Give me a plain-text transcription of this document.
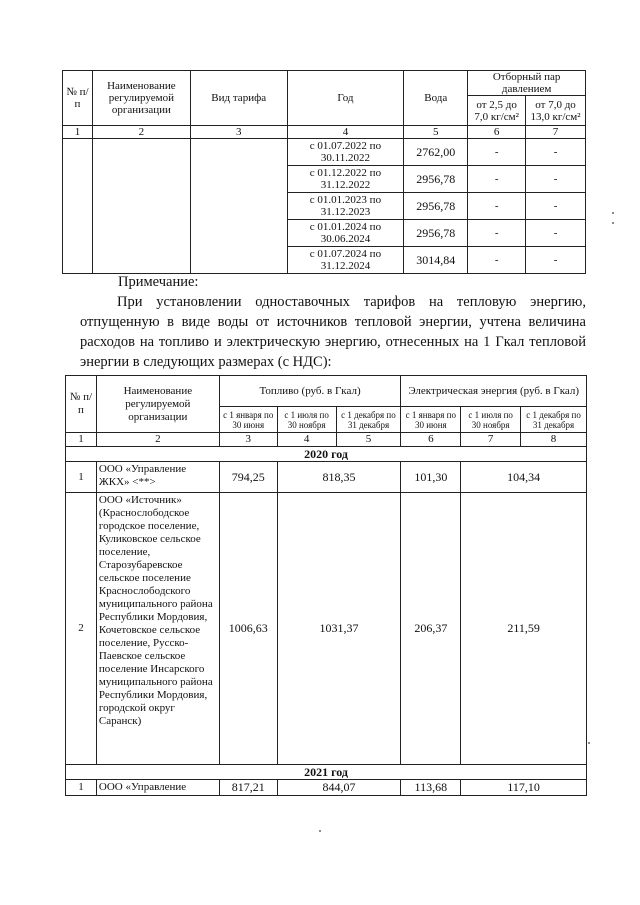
№ п/п	Наименование регулируемой организации	Вид тарифа	Год	Вода	Отборный пар давлением	
					от 2,5 до 7,0 кг/см²	от 7,0 до 13,0 кг/см²
1	2	3	4	5	6	7
			с 01.07.2022 по 30.11.2022	2762,00	-	-
			с 01.12.2022 по 31.12.2022	2956,78	-	-
			с 01.01.2023 по 31.12.2023	2956,78	-	-
			с 01.01.2024 по 30.06.2024	2956,78	-	-
			с 01.07.2024 по 31.12.2024	3014,84	-	-
Примечание:
При установлении одноставочных тарифов на тепловую энергию, отпущенную в виде воды от источников тепловой энергии, учтена величина расходов на топливо и электрическую энергию, отнесенных на 1 Гкал тепловой энергии в следующих размерах (с НДС):
№ п/п	Наименование регулируемой организации	Топливо (руб. в Гкал)			Электрическая энергия (руб. в Гкал)		
		с 1 января по 30 июня	с 1 июля по 30 ноября	с 1 декабря по 31 декабря	с 1 января по 30 июня	с 1 июля по 30 ноября	с 1 декабря по 31 декабря
1	2	3	4	5	6	7	8
2020 год							
1	ООО «Управление ЖКХ» <**>	794,25	818,35		101,30	104,34	
2	ООО «Источник» (Краснослободское городское поселение, Куликовское сельское поселение, Старозубаревское сельское поселение Краснослободского муниципального района Республики Мордовия, Кочетовское сельское поселение, Русско-Паевское сельское поселение Инсарского муниципального района Республики Мордовия, городской округ Саранск)	1006,63	1031,37		206,37	211,59	
2021 год							
1	ООО «Управление	817,21	844,07		113,68	117,10	
